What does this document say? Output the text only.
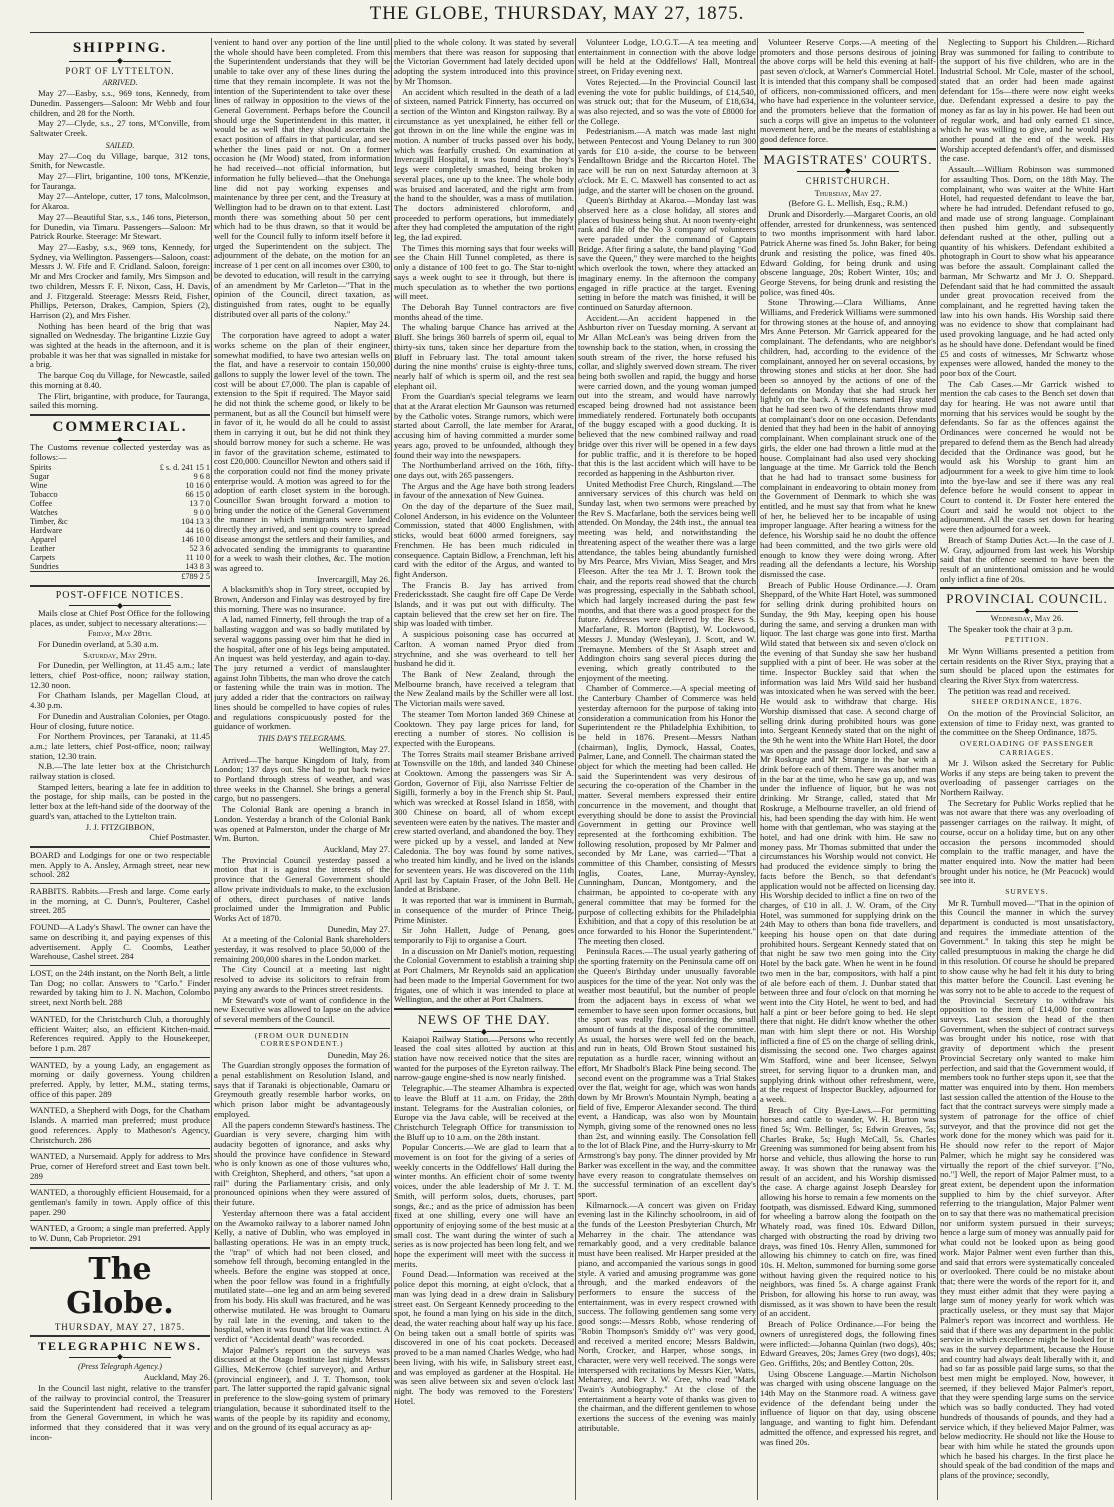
THE GLOBE, THURSDAY, MAY 27, 1875.
SHIPPING.
◆
PORT OF LYTTELTON.
ARRIVED.

May 27—Easby, s.s., 969 tons, Kennedy, from Dunedin. Passengers—Saloon: Mr Webb and four children, and 28 for the North.

May 27—Clyde, s.s., 27 tons, M'Conville, from Saltwater Creek.

SAILED.

May 27—Coq du Village, barque, 312 tons, Smith, for Newcastle.

May 27—Flirt, brigantine, 100 tons, M'Kenzie, for Tauranga.

May 27—Antelope, cutter, 17 tons, Malcolmson, for Akaroa.

May 27—Beautiful Star, s.s., 146 tons, Pieterson, for Dunedin, via Timaru. Passengers—Saloon: Mr Patrick Rourke. Steerage: Mr Stewart.

May 27—Easby, s.s., 969 tons, Kennedy, for Sydney, via Wellington. Passengers—Saloon, coast: Messrs J. W. Fife and F. Cridland. Saloon, foreign: Mr and Mrs Crocker and family, Mrs Simpson and two children, Messrs F. F. Nixon, Cass, H. Davis, and J. Fitzgerald. Steerage: Messrs Reid, Fisher, Phillips, Peterson, Drakes, Campion, Spiers (2), Harrison (2), and Mrs Fisher.

Nothing has been heard of the brig that was signalled on Wednesday. The brigantine Lizzie Guy was sighted at the heads in the afternoon, and it is probable it was her that was signalled in mistake for a brig.

The barque Coq du Village, for Newcastle, sailed this morning at 8.40.

The Flirt, brigantine, with produce, for Tauranga, sailed this morning.

COMMERCIAL.
◆

The Customs revenue collected yesterday was as follows:—

Spirits	£ s. d. 241 15 1
Sugar	9 6 8
Wine	10 16 0
Tobacco	66 15 0
Coffee	13 7 0
Watches	9 0 0
Timber, &c	104 13 3
Hardware	44 16 0
Apparel	146 10 0
Leather	52 3 6
Carpets	11 10 0
Sundries	143 8 3
	£789 2 5
POST-OFFICE NOTICES.
◆

Mails close at Chief Post Office for the following places, as under, subject to necessary alterations:—

Friday, May 28th.

For Dunedin overland, at 5.30 a.m.

Saturday, May 29th.

For Dunedin, per Wellington, at 11.45 a.m.; late letters, chief Post-office, noon; railway station, 12.30 noon.

For Chatham Islands, per Magellan Cloud, at 4.30 p.m.

For Dunedin and Australian Colonies, per Otago. Hour of closing, future notice.

For Northern Provinces, per Taranaki, at 11.45 a.m.; late letters, chief Post-office, noon; railway station, 12.30 train.

N.B.—The late letter box at the Christchurch railway station is closed.

Stamped letters, bearing a late fee in addition to the postage, for ship mails, can be posted in the letter box at the left-hand side of the doorway of the guard's van, attached to the Lyttelton train.

J. J. FITZGIBBON,

Chief Postmaster.

BOARD and Lodgings for one or two respectable men. Apply to A. Ansley, Armagh street, near new school. 282

RABBITS. Rabbits.—Fresh and large. Come early in the morning, at C. Dunn's, Poulterer, Cashel street. 285

FOUND—A Lady's Shawl. The owner can have the same on describing it, and paying expenses of this advertisement. Apply C. Coombs, Leather Warehouse, Cashel street. 284

LOST, on the 24th instant, on the North Belt, a little Tan Dog; no collar. Answers to "Carlo." Finder rewarded by taking him to J. N. Machon, Colombo street, next North belt. 288

WANTED, for the Christchurch Club, a thoroughly efficient Waiter; also, an efficient Kitchen-maid. References required. Apply to the Housekeeper, before 1 p.m. 287

WANTED, by a young Lady, an engagement as morning or daily governess. Young children preferred. Apply, by letter, M.M., stating terms, office of this paper. 289

WANTED, a Shepherd with Dogs, for the Chatham Islands. A married man preferred; must produce good references. Apply to Matheson's Agency, Christchurch. 286

WANTED, a Nursemaid. Apply for address to Mrs Prue, corner of Hereford street and East town belt. 289

WANTED, a thoroughly efficient Housemaid, for a gentleman's family in town. Apply office of this paper. 290

WANTED, a Groom; a single man preferred. Apply to W. Dunn, Cab Proprietor. 291

The Globe.
THURSDAY, MAY 27, 1875.
TELEGRAPHIC NEWS.
◆
(Press Telegraph Agency.)

Auckland, May 26.

In the Council last night, relative to the transfer of the railway to provincial control, the Treasurer said the Superintendent had received a telegram from the General Government, in which he was informed that they considered that it was very incon-

venient to hand over any portion of the line until the whole should have been completed. From this the Superintendent understands that they will be unable to take over any of these lines during the time that they remain incomplete. It was not the intention of the Superintendent to take over these lines of railway in opposition to the views of the General Government. Perhaps before the Council should urge the Superintendent in this matter, it would be as well that they should ascertain the exact position of affairs in that particular, and see whether the lines paid or not. On a former occasion he (Mr Wood) stated, from information he had received—not official information, but information he fully believed—that the Onehunga line did not pay working expenses and maintenance by three per cent, and the Treasury at Wellington had to be drawn on to that extent. Last month there was something about 50 per cent which had to be thus drawn, so that it would be well for the Council fully to inform itself before it urged the Superintendent on the subject. The adjournment of the debate, on the motion for an increase of 1 per cent on all incomes over £300, to be devoted to education, will result in the carrying of an amendment by Mr Carleton—"That in the opinion of the Council, direct taxation, as distinguished from rates, ought to be equally distributed over all parts of the colony."

Napier, May 24.

The corporation have agreed to adopt a water works scheme on the plan of their engineer, somewhat modified, to have two artesian wells on the flat, and have a reservoir to contain 150,000 gallons to supply the lower level of the town. The cost will be about £7,000. The plan is capable of extension to the Spit if required. The Mayor said he did not think the scheme good, or likely to be permanent, but as all the Council but himself were in favor of it, he would do all he could to assist them in carrying it out, but he did not think they should borrow money for such a scheme. He was in favor of the gravitation scheme, estimated to cost £20,000. Councillor Newton and others said if the corporation could not find the money private enterprise would. A motion was agreed to for the adoption of earth closet system in the borough. Councillor Swan brought forward a motion to bring under the notice of the General Government the manner in which immigrants were landed directly they arrived, and sent up country to spread disease amongst the settlers and their families, and advocated sending the immigrants to quarantine for a week to wash their clothes, &c. The motion was agreed to.

Invercargill, May 26.

A blacksmith's shop in Tory street, occupied by Brown, Anderson and Finlay was destroyed by fire this morning. There was no insurance.

A lad, named Finnerty, fell through the trap of a ballasting waggon and was so badly mutilated by several waggons passing over him that he died in the hospital, after one of his legs being amputated. An inquest was held yesterday, and again to-day. The jury returned a verdict of manslaughter against John Tibbetts, the man who drove the catch or fastening while the train was in motion. The jury added a rider that the contractors on railway lines should be compelled to have copies of rules and regulations conspicuously posted for the guidance of workmen.

THIS DAY'S TELEGRAMS.

Wellington, May 27.

Arrived—The barque Kingdom of Italy, from London; 137 days out. She had to put back twice to Portland through stress of weather, and was three weeks in the Channel. She brings a general cargo, but no passengers.

The Colonial Bank are opening a branch in London. Yesterday a branch of the Colonial Bank was opened at Palmerston, under the charge of Mr Wm. Burton.

Auckland, May 27.

The Provincial Council yesterday passed a motion that it is against the interests of the province that the General Government should allow private individuals to make, to the exclusion of others, direct purchases of native lands proclaimed under the Immigration and Public Works Act of 1870.

Dunedin, May 27.

At a meeting of the Colonial Bank shareholders yesterday, it was resolved to place 50,000 of the remaining 200,000 shares in the London market.

The City Council at a meeting last night resolved to advise its solicitors to refrain from paying any awards to the Princes street residents.

Mr Steward's vote of want of confidence in the new Executive was allowed to lapse on the advice of several members of the Council.

(FROM OUR DUNEDIN CORRESPONDENT.)

Dunedin, May 26.

The Guardian strongly opposes the formation of a penal establishment on Resolution Island, and says that if Taranaki is objectionable, Oamaru or Greymouth greatly resemble harbor works, on which prison labor might be advantageously employed.

All the papers condemn Steward's hastiness. The Guardian is very severe, charging him with audacity begotten of ignorance, and asks why should the province have confidence in Steward who is only known as one of those vultures who, with Creighton, Shepherd, and others, "sat upon a rail" during the Parliamentary crisis, and only pronounced opinions when they were assured of their future.

Yesterday afternoon there was a fatal accident on the Awamoko railway to a laborer named John Kelly, a native of Dublin, who was employed in ballasting operations. He was in an empty truck, the "trap" of which had not been closed, and somehow fell through, becoming entangled in the wheels. Before the engine was stopped at once, when the poor fellow was found in a frightfully mutilated state—one leg and an arm being severed from his body. His skull was fractured, and he was otherwise mutilated. He was brought to Oamaru by rail late in the evening, and taken to the hospital, when it was found that life was extinct. A verdict of "Accidental death" was recorded.

Major Palmer's report on the surveys was discussed at the Otago Institute last night. Messrs Gillies, McKerrow (chief surveyor), and Arthur (provincial engineer), and J. T. Thomson, took part. The latter supported the rapid galvanic signal in preference to the slow-going system of primary triangulation, because it subordinated itself to the wants of the people by its rapidity and economy, and on the ground of its equal accuracy as ap-

plied to the whole colony. It was stated by several members that there was reason for supposing that the Victorian Government had lately decided upon adopting the system introduced into this province by Mr Thomson.

An accident which resulted in the death of a lad of sixteen, named Patrick Finnerty, has occurred on a section of the Winton and Kingston railway. By a circumstance as yet unexplained, he either fell or got thrown in on the line while the engine was in motion. A number of trucks passed over his body, which was fearfully crushed. On examination at Invercargill Hospital, it was found that the boy's legs were completely smashed, being broken in several places, one up to the knee. The whole body was bruised and lacerated, and the right arm from the hand to the shoulder, was a mass of mutilation. The doctors administered chloroform, and proceeded to perform operations, but immediately after they had completed the amputation of the right leg, the lad expired.

The Times this morning says that four weeks will see the Chain Hill Tunnel completed, as there is only a distance of 100 feet to go. The Star to-night says a week ought to see it through, but there is much speculation as to whether the two portions will meet.

The Deborah Bay Tunnel contractors are five months ahead of the time.

The whaling barque Chance has arrived at the Bluff. She brings 360 barrels of sperm oil, equal to thirty-six tuns, taken since her departure from the Bluff in February last. The total amount taken during the nine months' cruise is eighty-three tuns, nearly half of which is sperm oil, and the rest sea elephant oil.

From the Guardian's special telegrams we learn that at the Ararat election Mr Gaunson was returned by the Catholic votes. Strange rumors, which were started about Carroll, the late member for Ararat, accusing him of having committed a murder some years ago, proved to be unfounded, although they found their way into the newspapers.

The Northumberland arrived on the 16th, fifty-one days out, with 265 passengers.

The Argus and the Age have both strong leaders in favour of the annexation of New Guinea.

On the day of the departure of the Suez mail, Colonel Anderson, in his evidence on the Volunteer Commission, stated that 4000 Englishmen, with sticks, would beat 6000 armed foreigners, say Frenchmen. He has been much ridiculed in consequence. Captain Bidlow, a Frenchman, left his card with the editor of the Argus, and wanted to fight Anderson.

The Francis B. Jay has arrived from Fredericksstadt. She caught fire off Cape De Verde Islands, and it was put out with difficulty. The captain believed that the crew set her on fire. The ship was loaded with timber.

A suspicious poisoning case has occurred at Carlton. A woman named Pryor died from strychnine, and she was overheard to tell her husband he did it.

The Bank of New Zealand, through the Melbourne branch, have received a telegram that the New Zealand mails by the Schiller were all lost. The Victorian mails were saved.

The steamer Tom Morton landed 369 Chinese at Cooktown. They pay large prices for land, for erecting a number of stores. No collision is expected with the Europeans.

The Torres Straits mail steamer Brisbane arrived at Townsville on the 18th, and landed 340 Chinese at Cooktown. Among the passengers was Sir A. Gordon, Governor of Fiji, also Narrisse Feltier de Sigilli, formerly a boy in the French ship St. Paul, which was wrecked at Rossel Island in 1858, with 300 Chinese on board, all of whom except seventeen were eaten by the natives. The master and crew started overland, and abandoned the boy. They were picked up by a vessel, and landed at New Caledonia. The boy was found by some natives, who treated him kindly, and he lived on the islands for seventeen years. He was discovered on the 11th April last by Captain Fraser, of the John Bell. He landed at Brisbane.

It was reported that war is imminent in Burmah, in consequence of the murder of Prince Theig, Prime Minister.

Sir John Hallett, Judge of Penang, goes temporarily to Fiji to organise a Court.

In a discussion on Mr Daniel's motion, requesting the Colonial Government to establish a training ship at Port Chalmers, Mr Reynolds said an application had been made to the Imperial Government for two frigates, one of which it was intended to place at Wellington, and the other at Port Chalmers.

NEWS OF THE DAY.
◆

Kaiapoi Railway Station.—Persons who recently leased the coal sites allotted by auction at this station have now received notice that the sites are wanted for the purposes of the Eyreton railway. The narrow-gauge engine-shed is now nearly finished.

Telegraphic.—The steamer Alhambra is expected to leave the Bluff at 11 a.m. on Friday, the 28th instant. Telegrams for the Australian colonies, or Europe via the Java cable, will be received at the Christchurch Telegraph Office for transmission to the Bluff up to 10 a.m. on the 28th instant.

Popular Concerts.—We are glad to learn that a movement is on foot for the giving of a series of weekly concerts in the Oddfellows' Hall during the winter months. An efficient choir of some twenty voices, under the able leadership of Mr J. T. M. Smith, will perform solos, duets, choruses, part songs, &c.; and as the price of admission has been fixed at one shilling, every one will have an opportunity of enjoying some of the best music at a small cost. The want during the winter of such a series as is now projected has been long felt, and we hope the experiment will meet with the success it merits.

Found Dead.—Information was received at the police depot this morning, at eight o'clock, that a man was lying dead in a drew drain in Salisbury street east. On Sergeant Kennedy proceeding to the spot, he found a man lying on his side in the ditch, dead, the water reaching about half way up his face. On being taken out a small bottle of spirits was discovered in one of his coat pockets. Deceased proved to be a man named Charles Wedge, who had been living, with his wife, in Salisbury street east, and was employed as gardener at the Hospital. He was seen alive between six and seven o'clock last night. The body was removed to the Foresters' Hotel.

Volunteer Lodge, I.O.G.T.—A tea meeting and entertainment in connection with the above lodge will be held at the Oddfellows' Hall, Montreal street, on Friday evening next.

Votes Rejected.—In the Provincial Council last evening the vote for public buildings, of £14,540, was struck out; that for the Museum, of £18,634, was also rejected, and so was the vote of £8000 for the College.

Pedestrianism.—A match was made last night between Pentecost and Young Delaney to run 300 yards for £10 a-side, the course to be between Fendalltown Bridge and the Riccarton Hotel. The race will be run on next Saturday afternoon at 3 o'clock. Mr E. C. Maxwell has consented to act as judge, and the starter will be chosen on the ground.

Queen's Birthday at Akaroa.—Monday last was observed here as a close holiday, all stores and places of business being shut. At noon twenty-eight rank and file of the No 3 company of volunteers were paraded under the command of Captain Bridge. After firing a salute, the band playing "God save the Queen," they were marched to the heights which overlook the town, where they attacked an imaginary enemy. In the afternoon the company engaged in rifle practice at the target. Evening setting in before the match was finished, it will be continued on Saturday afternoon.

Accident.—An accident happened in the Ashburton river on Tuesday morning. A servant at Mr Allan McLean's was being driven from the township back to the station, when, in crossing the south stream of the river, the horse refused his collar, and slightly swerved down stream. The river being both swollen and rapid, the buggy and horse were carried down, and the young woman jumped out into the stream, and would have narrowly escaped being drowned had not assistance been immediately rendered. Fortunately both occupants of the buggy escaped with a good ducking. It is believed that the new combined railway and road bridge over this river will be opened in a few days for public traffic, and it is therefore to be hoped that this is the last accident which will have to be recorded as happening in the Ashburton river.

United Methodist Free Church, Ringsland.—The anniversary services of this church was held on Sunday last, when two sermons were preached by the Rev S. Macfarlane, both the services being well attended. On Monday, the 24th inst., the annual tea meeting was held, and notwithstanding the threatening aspect of the weather there was a large attendance, the tables being abundantly furnished by Mrs Pearce, Mrs Vivian, Miss Seager, and Mrs Fleeson. After the tea Mr J. T. Brown took the chair, and the reports read showed that the church was progressing, especially in the Sabbath school, which had largely increased during the past few months, and that there was a good prospect for the future. Addresses were delivered by the Revs S. Macfarlane, R. Morton (Baptist), W. Lockwood, Messrs J. Munday (Wesleyan), J. Scott, and W. Tremayne. Members of the St Asaph street and Addington choirs sang several pieces during the evening, which greatly contributed to the enjoyment of the meeting.

Chamber of Commerce.—A special meeting of the Canterbury Chamber of Commerce was held yesterday afternoon for the purpose of taking into consideration a communication from his Honor the Superintendent re the Philadelphia Exhibition, to be held in 1876. Present—Messrs Nathan (chairman), Inglis, Dymock, Hassal, Coates, Palmer, Lane, and Connell. The chairman stated the object for which the meeting had been called. He said the Superintendent was very desirous of securing the co-operation of the Chamber in the matter. Several members expressed their entire concurrence in the movement, and thought that everything should be done to assist the Provincial Government in getting our Province well represented at the forthcoming exhibition. The following resolution, proposed by Mr Palmer and seconded by Mr Lane, was carried—"That a committee of this Chamber, consisting of Messrs Inglis, Coates, Lane, Murray-Aynsley, Cunningham, Duncan, Montgomery, and the chairman, be appointed to co-operate with any general committee that may be formed for the purpose of collecting exhibits for the Philadelphia Exhibition, and that a copy of this resolution be at once forwarded to his Honor the Superintendent." The meeting then closed.

Peninsula Races.—The usual yearly gathering of the sporting fraternity on the Peninsula came off on the Queen's Birthday under unusually favorable auspices for the time of the year. Not only was the weather most beautiful, but the number of people from the adjacent bays in excess of what we remember to have seen upon former occasions, but the sport was really fine, considering the small amount of funds at the disposal of the committee. As usual, the horses were well fed on the beach, and run in heats, Old Brown Stout sustained his reputation as a hurdle racer, winning without an effort, Mr Shadbolt's Black Pine being second. The second event on the programme was a Trial Stakes over the flat, weight for age, which was won hands down by Mr Brown's Mountain Nymph, beating a field of five, Emperor Alexander second. The third event, a Handicap, was also won by Mountain Nymph, giving some of the renowned ones no less than 2st, and winning easily. The Consolation fell to the lot of Black Pine, and the Hurry-skurry to Mr Armstrong's bay pony. The dinner provided by Mr Barker was excellent in the way, and the committee have every reason to congratulate themselves on the successful termination of an excellent day's sport.

Kilmarnock.—A concert was given on Friday evening last in the Kilinchy schoolroom, in aid of the funds of the Leeston Presbyterian Church, Mr Meharrey in the chair. The attendance was remarkably good, and a very creditable balance must have been realised. Mr Harper presided at the piano, and accompanied the various songs in good style. A varied and amusing programme was gone through, and the marked endeavors of the performers to ensure the success of the entertainment, was in every respect crowned with success. The following gentlemen sang some very good songs:—Messrs Robb, whose rendering of "Robin Thompson's Smiddy o't" was very good, and received a merited encore; Messrs Baldwin, North, Crocker, and Harper, whose songs, in character, were very well received. The songs were interspersed with recitations by Messrs Kier, Watts, Meharrey, and Rev J. W. Cree, who read "Mark Twain's Autobiography." At the close of the entertainment a hearty vote of thanks was given to the chairman, and the different gentlemen to whose exertions the success of the evening was mainly attributable.

Volunteer Reserve Corps.—A meeting of the promoters and those persons desirous of joining the above corps will be held this evening at half-past seven o'clock, at Warner's Commercial Hotel. It is intended that this company shall be composed of officers, non-commissioned officers, and men who have had experience in the volunteer service, and the promoters believe that the formation of such a corps will give an impetus to the volunteer movement here, and be the means of establishing a good defence force.

MAGISTRATES' COURTS.
◆
CHRISTCHURCH.

Thursday, May 27.

(Before G. L. Mellish, Esq., R.M.)

Drunk and Disorderly.—Margaret Cooris, an old offender, arrested for drunkenness, was sentenced to two months imprisonment with hard labor. Patrick Aherne was fined 5s. John Baker, for being drunk and resisting the police, was fined 40s. Edward Golding, for being drunk and using obscene language, 20s; Robert Winter, 10s; and George Stevens, for being drunk and resisting the police, was fined 40s.

Stone Throwing.—Clara Williams, Anne Williams, and Frederick Williams were summoned for throwing stones at the house of, and annoying Mrs Anne Peterson. Mr Garrick appeared for the complainant. The defendants, who are neighbor's children, had, according to the evidence of the complainant, annoyed her on several occasions, by throwing stones and sticks at her door. She had been so annoyed by the actions of one of the defendants on Monday that she had struck her lightly on the back. A witness named Hay stated that he had seen two of the defendants throw mud at complainant's door on one occasion. Defendants denied that they had been in the habit of annoying complainant. When complainant struck one of the girls, the elder one had thrown a little mud at the house. Complainant had also used very shocking language at the time. Mr Garrick told the Bench that he had had to transact some business for complainant in endeavoring to obtain money from the Government of Denmark to which she was entitled, and he must say that from what he knew of her, he believed her to be incapable of using improper language. After hearing a witness for the defence, his Worship said he no doubt the offence had been committed, and the two girls were old enough to know they were doing wrong. After reading all the defendants a lecture, his Worship dismissed the case.

Breach of Public House Ordinance.—J. Oram Sheppard, of the White Hart Hotel, was summoned for selling drink during prohibited hours on Sunday, the 9th May, keeping open his house during the same, and serving a drunken man with liquor. The last charge was gone into first. Martha Wild stated that between six and seven o'clock on the evening of that Sunday she saw her husband supplied with a pint of beer. He was sober at the time. Inspector Buckley said that when the information was laid Mrs Wild said her husband was intoxicated when he was served with the beer. He would ask to withdraw that charge. His Worship dismissed that case. A second charge of selling drink during prohibited hours was gone into. Sergeant Kennedy stated that on the night of the 9th he went into the White Hart Hotel, the door was open and the passage door locked, and saw a Mr Roskruge and Mr Strange in the bar with a drink before each of them. There was another man in the bar at the time, who he saw go up, and was under the influence of liquor, but he was not drinking. Mr Strange, called, stated that Mr Roskruge, a Melbourne traveller, an old friend of his, had been spending the day with him. He went home with that gentleman, who was staying at the hotel, and had one drink with him. He saw no money pass. Mr Thomas submitted that under the circumstances his Worship would not convict. He had produced the evidence simply to bring the facts before the Bench, so that defendant's application would not be affected on licensing day. His Worship decided to inflict a fine on two of the charges, of £10 in all. J. W. Oram, of the City Hotel, was summoned for supplying drink on the 24th May to others than bona fide travellers, and keeping his house open on that date during prohibited hours. Sergeant Kennedy stated that on that night he saw two men going into the City Hotel by the back gate. When he went in he found two men in the bar, compositors, with half a pint of ale before each of them. J. Dunbar stated that between three and four o'clock on that morning he went into the City Hotel, he went to bed, and had half a pint or beer before going to bed. He slept there that night. He didn't know whether the other man with him slept there or not. His Worship inflicted a fine of £5 on the charge of selling drink, dismissing the second one. Two charges against Wm Stafford, wine and beer licensee, Selwyn street, for serving liquor to a drunken man, and supplying drink without other refreshment, were, at the request of Inspector Buckley, adjourned for a week.

Breach of City Bye-Laws.—For permitting horses and cattle to wander, W. H. Burton was fined 5s; Wm. Bellinger, 5s; Edwin Greaves, 5s; Charles Brake, 5s; Hugh McCall, 5s. Charles Greening was summoned for being absent from his horse and vehicle, thus allowing the horse to run away. It was shown that the runaway was the result of an accident, and his Worship dismissed the case. A charge against Joseph Dearsley for allowing his horse to remain a few moments on the footpath, was dismissed. Edward King, summoned for wheeling a barrow along the footpath on the Whately road, was fined 10s. Edward Dillon, charged with obstructing the road by driving two drays, was fined 10s. Henry Allen, summoned for allowing his chimney to catch on fire, was fined 10s. H. Melton, summoned for burning some gorse without having given the required notice to his neighbors, was fined 5s. A charge against Frank Prisbon, for allowing his horse to run away, was dismissed, as it was shown to have been the result of an accident.

Breach of Police Ordinance.—For being the owners of unregistered dogs, the following fines were inflicted:—Johanna Quinlan (two dogs), 40s; Edward Greaves, 20s; James Grey (two dogs), 40s; Geo. Griffiths, 20s; and Bentley Cotton, 20s.

Using Obscene Language.—Martin Nicholson was charged with using obscene language on the 14th May on the Stanmore road. A witness gave evidence of the defendant being under the influence of liquor on that day, using obscene language, and wanting to fight him. Defendant admitted the offence, and expressed his regret, and was fined 20s.

Neglecting to Support his Children.—Richard Bray was summoned for failing to contribute to the support of his five children, who are in the Industrial School. Mr Cole, master of the school, stated that an order had been made against defendant for 15s—there were now eight weeks due. Defendant expressed a desire to pay the money as far as lay in his power. He had been out of regular work, and had only earned £1 since, which he was willing to give, and he would pay another pound at the end of the week. His Worship accepted defendant's offer, and dismissed the case.

Assault.—William Robinson was summoned for assaulting Thos. Dorn, on the 18th May. The complainant, who was waiter at the White Hart Hotel, had requested defendant to leave the bar, where he had intruded. Defendant refused to go, and made use of strong language. Complainant then pushed him gently, and subsequently defendant rushed at the other, pulling out a quantity of his whiskers. Defendant exhibited a photograph in Court to show what his appearance was before the assault. Complainant called the barman, Mr Schwartz and Mr J. O. Sheppard. Defendant said that he had committed the assault under great provocation received from the complainant, and he regretted having taken the law into his own hands. His Worship said there was no evidence to show that complainant had used provoking language, and he had acted only as he should have done. Defendant would be fined £5 and costs of witnesses, Mr Schwartz whose expenses were allowed, handed the money to the poor box of the Court.

The Cab Cases.—Mr Garrick wished to mention the cab cases to the Bench set down that day for hearing. He was not aware until that morning that his services would be sought by the defendants. So far as the offences against the Ordinances were concerned he would not be prepared to defend them as the Bench had already decided that the Ordinance was good, but he would ask his Worship to grant him an adjournment for a week to give him time to look into the bye-law and see if there was any real defence before he would consent to appear in Court to contend it. Dr Foster here entered the Court and said he would not object to the adjournment. All the cases set down for hearing were then adjourned for a week.

Breach of Stamp Duties Act.—In the case of J. W. Gray, adjourned from last week his Worship said that the offence seemed to have been the result of an unintentional omission and he would only inflict a fine of 20s.

PROVINCIAL COUNCIL.
◆

Wednesday, May 26.

The Speaker took the chair at 3 p.m.

PETITION.

Mr Wynn Williams presented a petition from certain residents on the River Styx, praying that a sum should be placed upon the estimates for clearing the River Styx from watercress.

The petition was read and received.

SHEEP ORDINANCE, 1876.

On the motion of the Provincial Solicitor, an extension of time to Friday next, was granted to the committee on the Sheep Ordinance, 1875.

OVERLOADING OF PASSENGER CARRIAGES.

Mr J. Wilson asked the Secretary for Public Works if any steps are being taken to prevent the overloading of passenger carriages on the Northern Railway.

The Secretary for Public Works replied that he was not aware that there was any overloading of passenger carriages on the railway. It might, of course, occur on a holiday time, but on any other occasion the persons incommoded should complain to the traffic manager, and have the matter enquired into. Now the matter had been brought under his notice, he (Mr Peacock) would see into it.

SURVEYS.

Mr R. Turnbull moved—"That in the opinion of this Council the manner in which the survey department is conducted is most unsatisfactory, and requires the immediate attention of the Government." In taking this step he might be called presumptuous in making the charge he did in this resolution. Of course he should be prepared to show cause why he had felt it his duty to bring this matter before the Council. Last evening he was sorry not to be able to accede to the request of the Provincial Secretary to withdraw his opposition to the item of £14,000 for contract surveys. Last session the head of the then Government, when the subject of contract surveys was brought under his notice, rose with that gravity of deportment which the present Provincial Secretary only wanted to make him perfection, and said that the Government would, if members took no further steps upon it, see that the matter was enquired into by them. Hon members last session called the attention of the House to the fact that the contract surveys were simply made a system of patronage for the office of chief surveyor, and that the province did not get the work done for the money which was paid for it. He should now refer to the report of Major Palmer, which he might say he considered was virtually the report of the chief surveyor. ["No, no."] Well, the report of Major Palmer must, to a great extent, be dependent upon the information supplied to him by the chief surveyor. After referring to the triangulation, Major Palmer went on to say that there was no mathematical precision nor uniform system pursued in their surveys; hence a large sum of money was annually paid for what could not be looked upon as being good work. Major Palmer went even further than this, and said that errors were systematically concealed or overlooked. There could be no mistake about that; there were the words of the report for it, and they must either admit that they were paying a large sum of money yearly for work which was practically useless, or they must say that Major Palmer's report was incorrect and worthless. He said that if there was any department in the public service in which excellence might be looked for it was in the survey department, because the House and country had always dealt liberally with it, and had so far as possible paid large sums, so that the best men might be employed. Now, however, it seemed, if they believed Major Palmer's report, that they were spending large sums on the service which was so badly conducted. They had voted hundreds of thousands of pounds, and they had a service which, if they believed Major Palmer, was below mediocrity. He should not like the House to bear with him while he stated the grounds upon which he based his charges. In the first place he should speak of the bad condition of the maps and plans of the province; secondly,
